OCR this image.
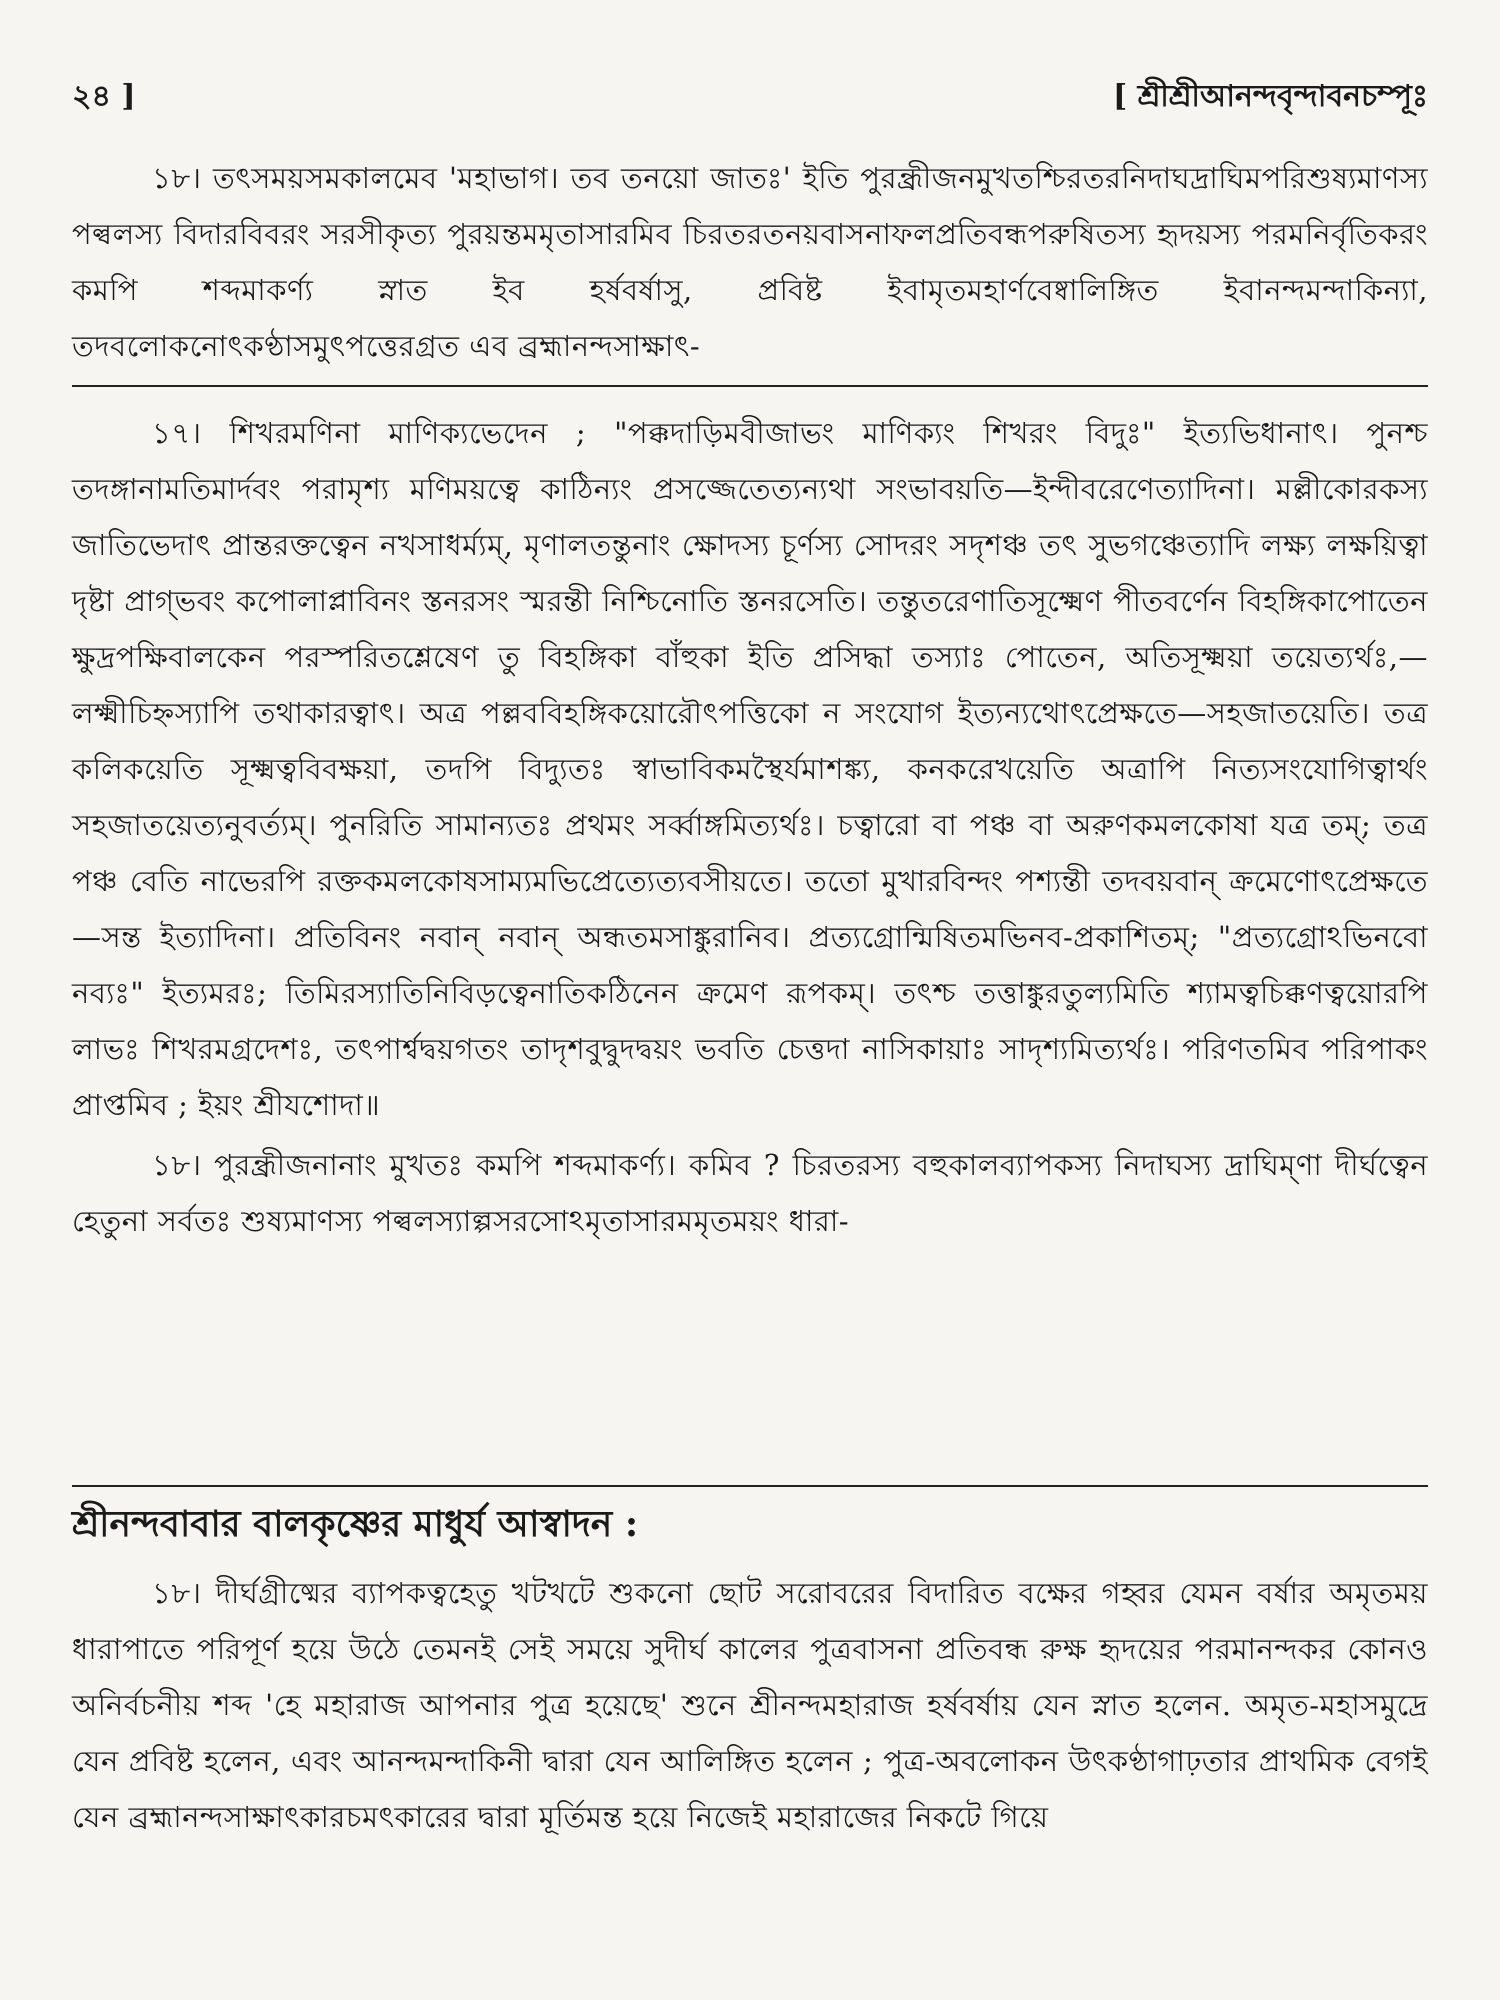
২৪ ]	[ শ্রীশ্রীআনন্দবৃন্দাবনচম্পূঃ

১৮। তৎসময়সমকালমেব 'মহাভাগ। তব তনয়ো জাতঃ' ইতি পুরন্ধ্রীজনমুখতশ্চিরতরনিদাঘদ্রাঘিমপরিশুষ্যমাণস্য পল্বলস্য বিদারবিবরং সরসীকৃত্য পুরয়ন্তমমৃতাসারমিব চিরতরতনয়বাসনাফলপ্রতিবন্ধপরুষিতস্য হৃদয়স্য পরমনির্বৃতিকরং কমপি শব্দমাকর্ণ্য স্নাত ইব হর্ষবর্ষাসু, প্রবিষ্ট ইবামৃতমহার্ণবেষ্বালিঙ্গিত ইবানন্দমন্দাকিন্যা, তদবলোকনোৎকণ্ঠাসমুৎপত্তেরগ্রত এব ব্রহ্মানন্দসাক্ষাৎ-

১৭। শিখরমণিনা মাণিক্যভেদেন ; "পক্কদাড়িমবীজাভং মাণিক্যং শিখরং বিদুঃ" ইত্যভিধানাৎ। পুনশ্চ তদঙ্গানামতিমার্দবং পরামৃশ্য মণিময়ত্বে কাঠিন্যং প্রসজ্জেতেত্যন্যথা সংভাবয়তি—ইন্দীবরেণেত্যাদিনা। মল্লীকোরকস্য জাতিভেদাৎ প্রান্তরক্তত্বেন নখসাধর্ম্যম্, মৃণালতন্তুনাং ক্ষোদস্য চূর্ণস্য সোদরং সদৃশঞ্চ তৎ সুভগঞ্চেত্যাদি লক্ষ্য লক্ষয়িত্বা দৃষ্টা প্রাগ্ভবং কপোলাপ্লাবিনং স্তনরসং স্মরন্তী নিশ্চিনোতি স্তনরসেতি। তন্তুতরেণাতিসূক্ষ্মেণ পীতবর্ণেন বিহঙ্গিকাপোতেন ক্ষুদ্রপক্ষিবালকেন পরস্পরিতশ্লেষেণ তু বিহঙ্গিকা বাঁহুকা ইতি প্রসিদ্ধা তস্যাঃ পোতেন, অতিসূক্ষ্ময়া তয়েত্যর্থঃ,—লক্ষ্মীচিহ্নস্যাপি তথাকারত্বাৎ। অত্র পল্লববিহঙ্গিকয়োরৌৎপত্তিকো ন সংযোগ ইত্যন্যথোৎপ্রেক্ষতে—সহজাতয়েতি। তত্র কলিকয়েতি সূক্ষ্মত্ববিবক্ষয়া, তদপি বিদ্যুতঃ স্বাভাবিকমস্থৈর্যমাশঙ্ক্য, কনকরেখয়েতি অত্রাপি নিত্যসংযোগিত্বার্থং সহজাতয়েত্যনুবর্ত্যম্। পুনরিতি সামান্যতঃ প্রথমং সর্ব্বাঙ্গমিত্যর্থঃ। চত্বারো বা পঞ্চ বা অরুণকমলকোষা যত্র তম্; তত্র পঞ্চ বেতি নাভেরপি রক্তকমলকোষসাম্যমভিপ্রেত্যেত্যবসীয়তে। ততো মুখারবিন্দং পশ্যন্তী তদবয়বান্ ক্রমেণোৎপ্রেক্ষতে—সন্ত ইত্যাদিনা। প্রতিবিনং নবান্ নবান্ অন্ধতমসাঙ্কুরানিব। প্রত্যগ্রোন্মিষিতমভিনব-প্রকাশিতম্; "প্রত্যগ্রোঽভিনবো নব্যঃ" ইত্যমরঃ; তিমিরস্যাতিনিবিড়ত্বেনাতিকঠিনেন ক্রমেণ রূপকম্। তৎশ্চ তত্তাঙ্কুরতুল্যমিতি শ্যামত্বচিক্কণত্বয়োরপি লাভঃ শিখরমগ্রদেশঃ, তৎপার্শ্বদ্বয়গতং তাদৃশবুদ্বুদদ্বয়ং ভবতি চেত্তদা নাসিকায়াঃ সাদৃশ্যমিত্যর্থঃ। পরিণতমিব পরিপাকং প্রাপ্তমিব ; ইয়ং শ্রীযশোদা॥

১৮। পুরন্ধ্রীজনানাং মুখতঃ কমপি শব্দমাকর্ণ্য। কমিব ? চিরতরস্য বহুকালব্যাপকস্য নিদাঘস্য দ্রাঘিম্ণা দীর্ঘত্বেন হেতুনা সর্বতঃ শুষ্যমাণস্য পল্বলস্যাল্পসরসোঽমৃতাসারমমৃতময়ং ধারা-

শ্রীনন্দবাবার বালকৃষ্ণের মাধুর্য আস্বাদন :

১৮। দীর্ঘগ্রীষ্মের ব্যাপকত্বহেতু খটখটে শুকনো ছোট সরোবরের বিদারিত বক্ষের গহ্বর যেমন বর্ষার অমৃতময় ধারাপাতে পরিপূর্ণ হয়ে উঠে তেমনই সেই সময়ে সুদীর্ঘ কালের পুত্রবাসনা প্রতিবন্ধ রুক্ষ হৃদয়ের পরমানন্দকর কোনও অনির্বচনীয় শব্দ 'হে মহারাজ আপনার পুত্র হয়েছে' শুনে শ্রীনন্দমহারাজ হর্ষবর্ষায় যেন স্নাত হলেন. অমৃত-মহাসমুদ্রে যেন প্রবিষ্ট হলেন, এবং আনন্দমন্দাকিনী দ্বারা যেন আলিঙ্গিত হলেন ; পুত্র-অবলোকন উৎকণ্ঠাগাঢ়তার প্রাথমিক বেগই যেন ব্রহ্মানন্দসাক্ষাৎকারচমৎকারের দ্বারা মূর্তিমন্ত হয়ে নিজেই মহারাজের নিকটে গিয়ে
